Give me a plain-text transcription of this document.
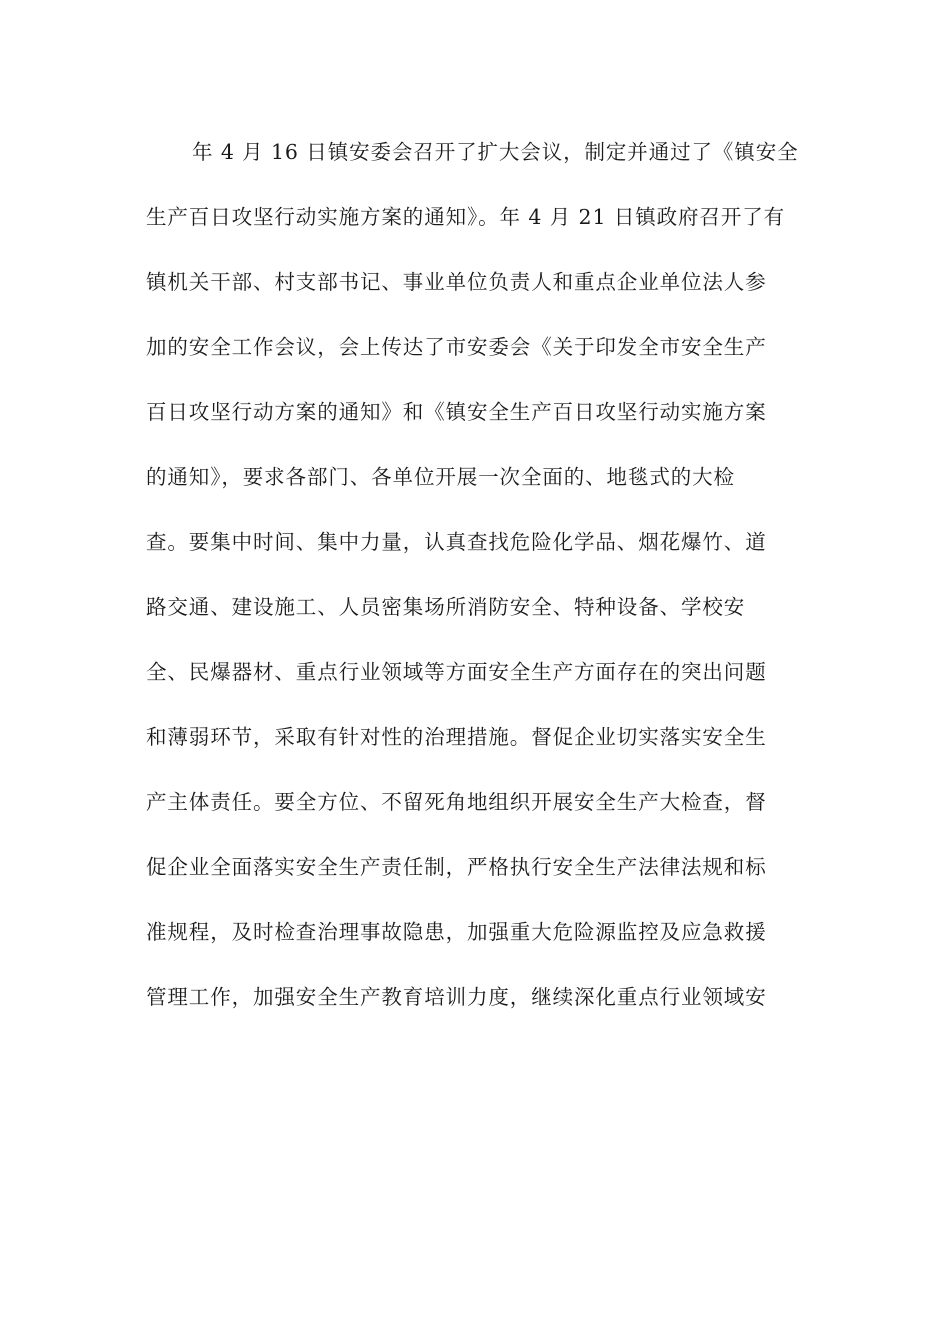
年 4 月 16 日镇安委会召开了扩大会议，制定并通过了《镇安全
生产百日攻坚行动实施方案的通知》。年 4 月 21 日镇政府召开了有
镇机关干部、村支部书记、事业单位负责人和重点企业单位法人参
加的安全工作会议，会上传达了市安委会《关于印发全市安全生产
百日攻坚行动方案的通知》和《镇安全生产百日攻坚行动实施方案
的通知》，要求各部门、各单位开展一次全面的、地毯式的大检
查。要集中时间、集中力量，认真查找危险化学品、烟花爆竹、道
路交通、建设施工、人员密集场所消防安全、特种设备、学校安
全、民爆器材、重点行业领域等方面安全生产方面存在的突出问题
和薄弱环节，采取有针对性的治理措施。督促企业切实落实安全生
产主体责任。要全方位、不留死角地组织开展安全生产大检查，督
促企业全面落实安全生产责任制，严格执行安全生产法律法规和标
准规程，及时检查治理事故隐患，加强重大危险源监控及应急救援
管理工作，加强安全生产教育培训力度，继续深化重点行业领域安
